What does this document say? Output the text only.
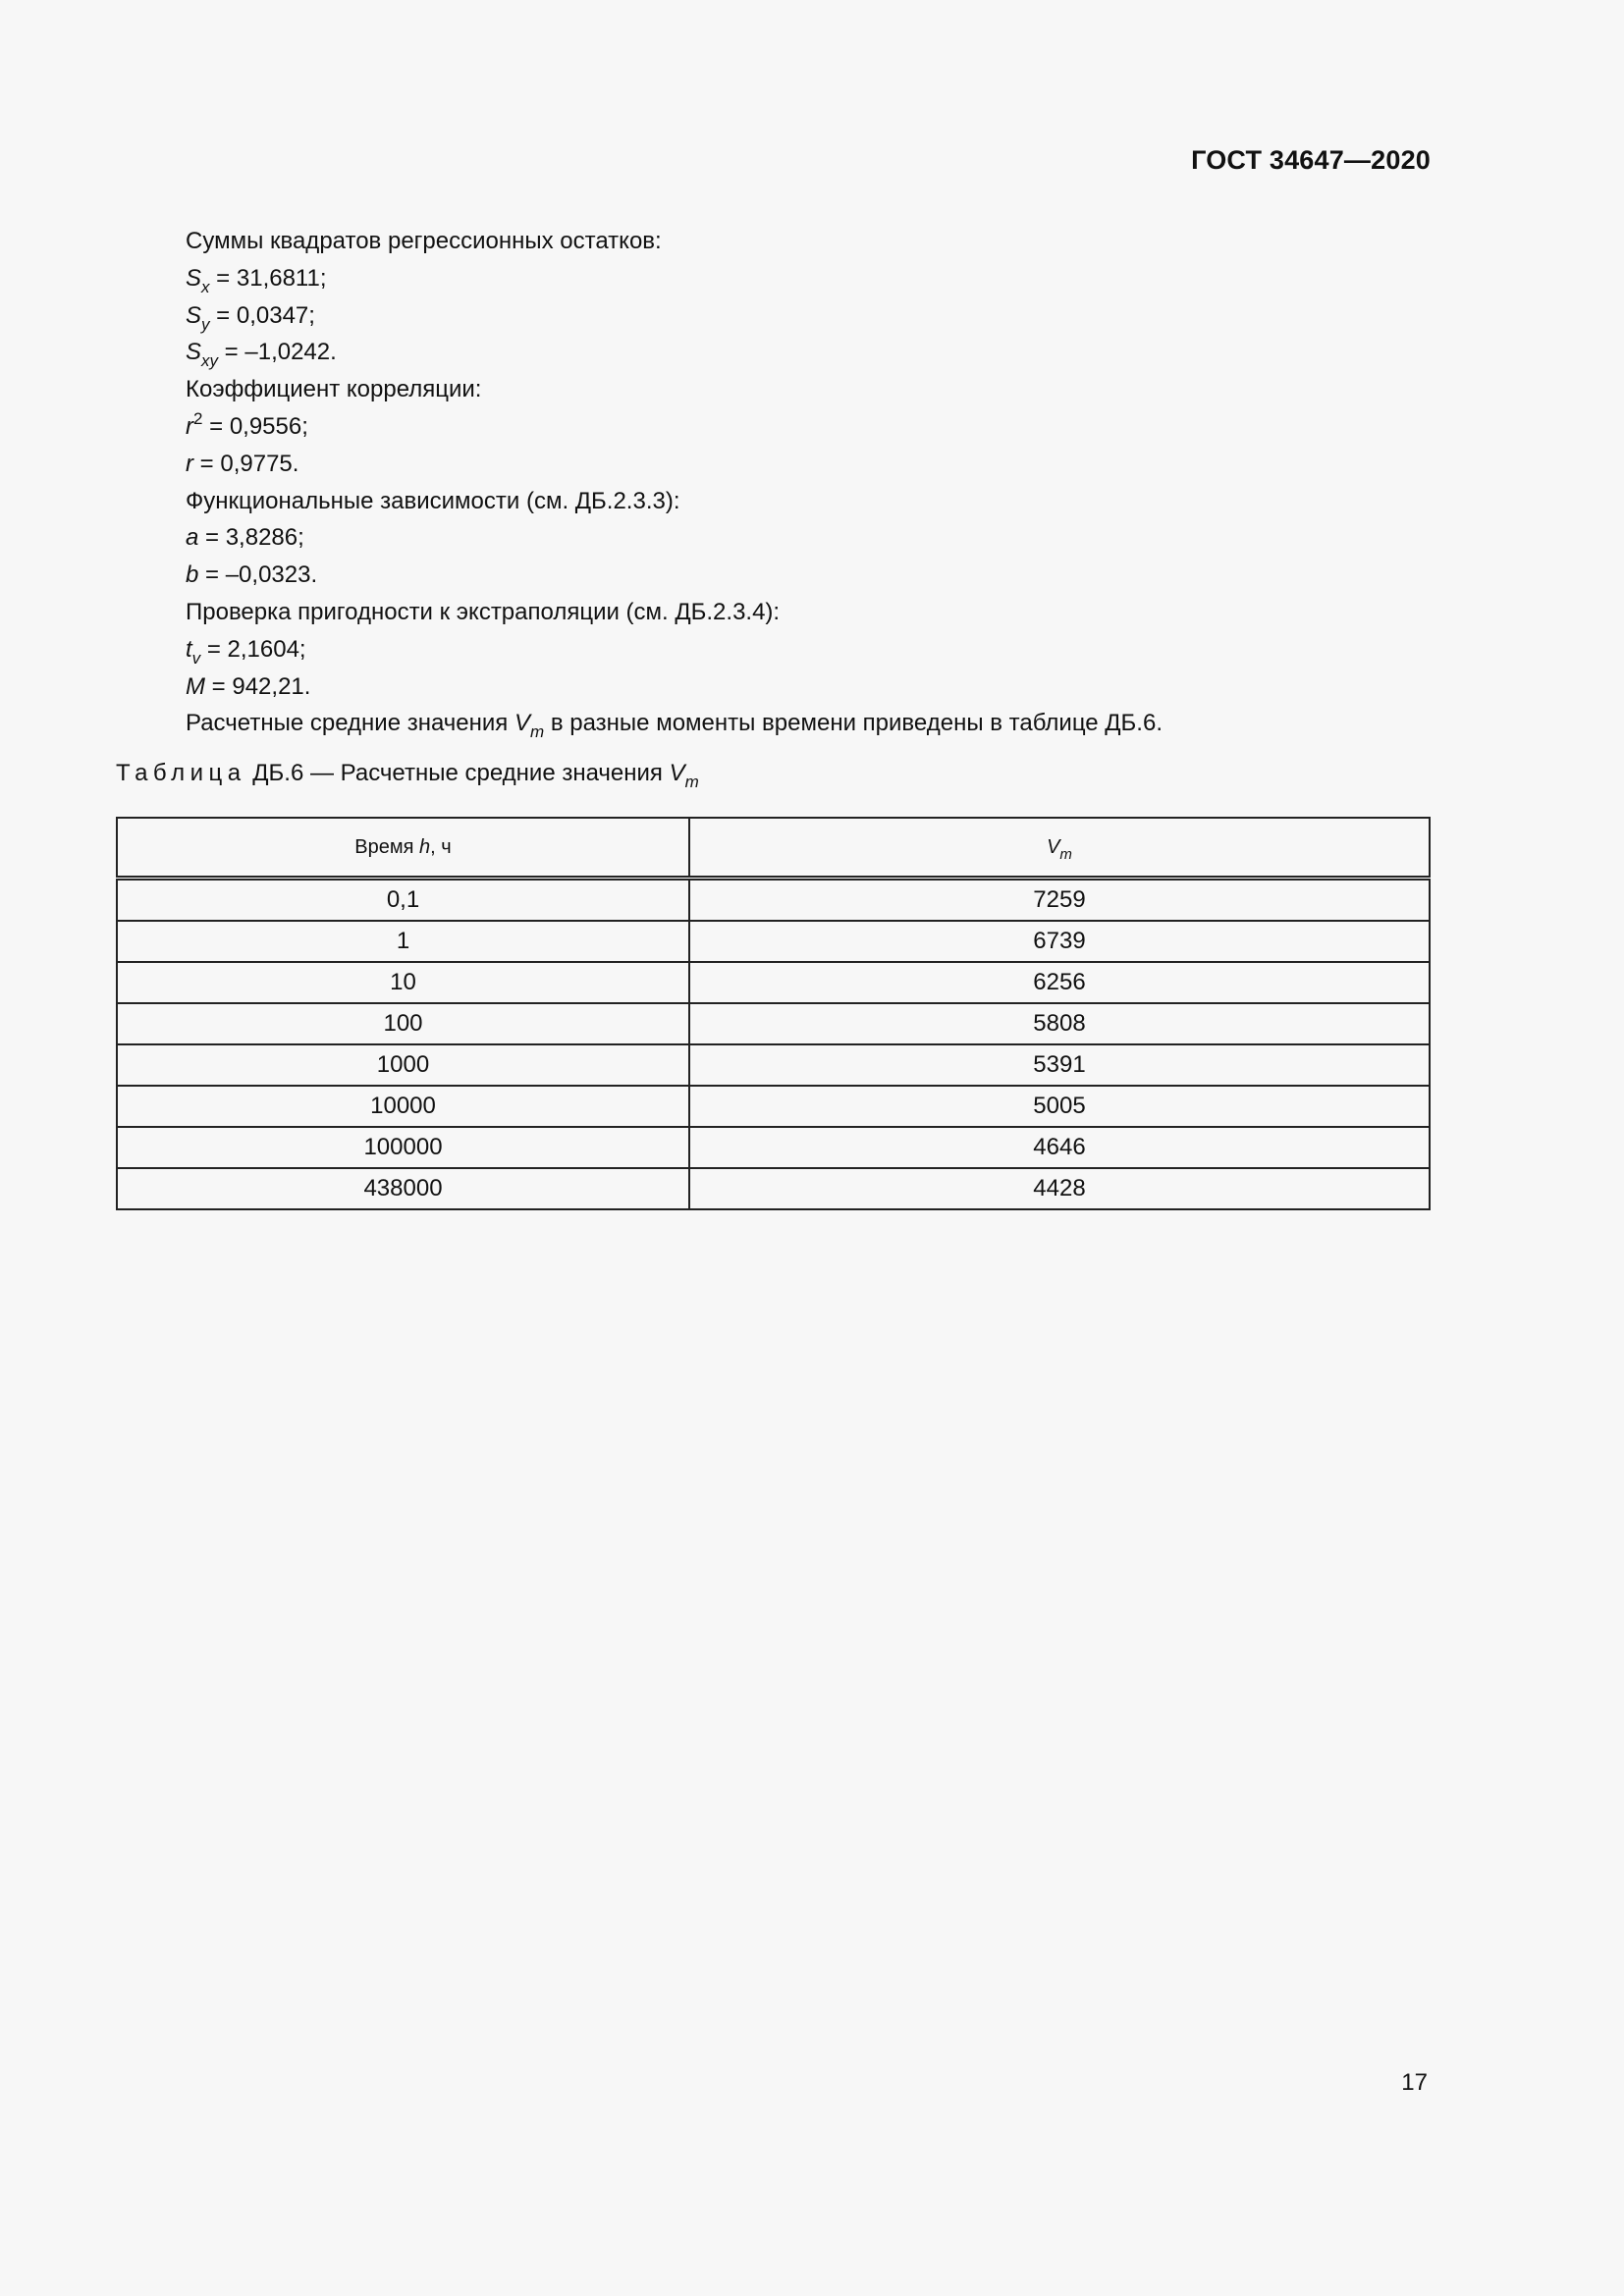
ГОСТ 34647—2020
Суммы квадратов регрессионных остатков:
$S_x = 31,6811$;
$S_y = 0,0347$;
$S_{xy} = -1,0242$.
Коэффициент корреляции:
$r^2 = 0,9556$;
r = 0,9775.
Функциональные зависимости (см. ДБ.2.3.3):
a = 3,8286;
b = –0,0323.
Проверка пригодности к экстраполяции (см. ДБ.2.3.4):
$t_v = 2,1604$;
M = 942,21.
Расчетные средние значения $V_m$ в разные моменты времени приведены в таблице ДБ.6.
Таблица ДБ.6 — Расчетные средние значения $V_m$
Время h, ч	$V_m$
0,1	7259
1	6739
10	6256
100	5808
1000	5391
10000	5005
100000	4646
438000	4428
17
